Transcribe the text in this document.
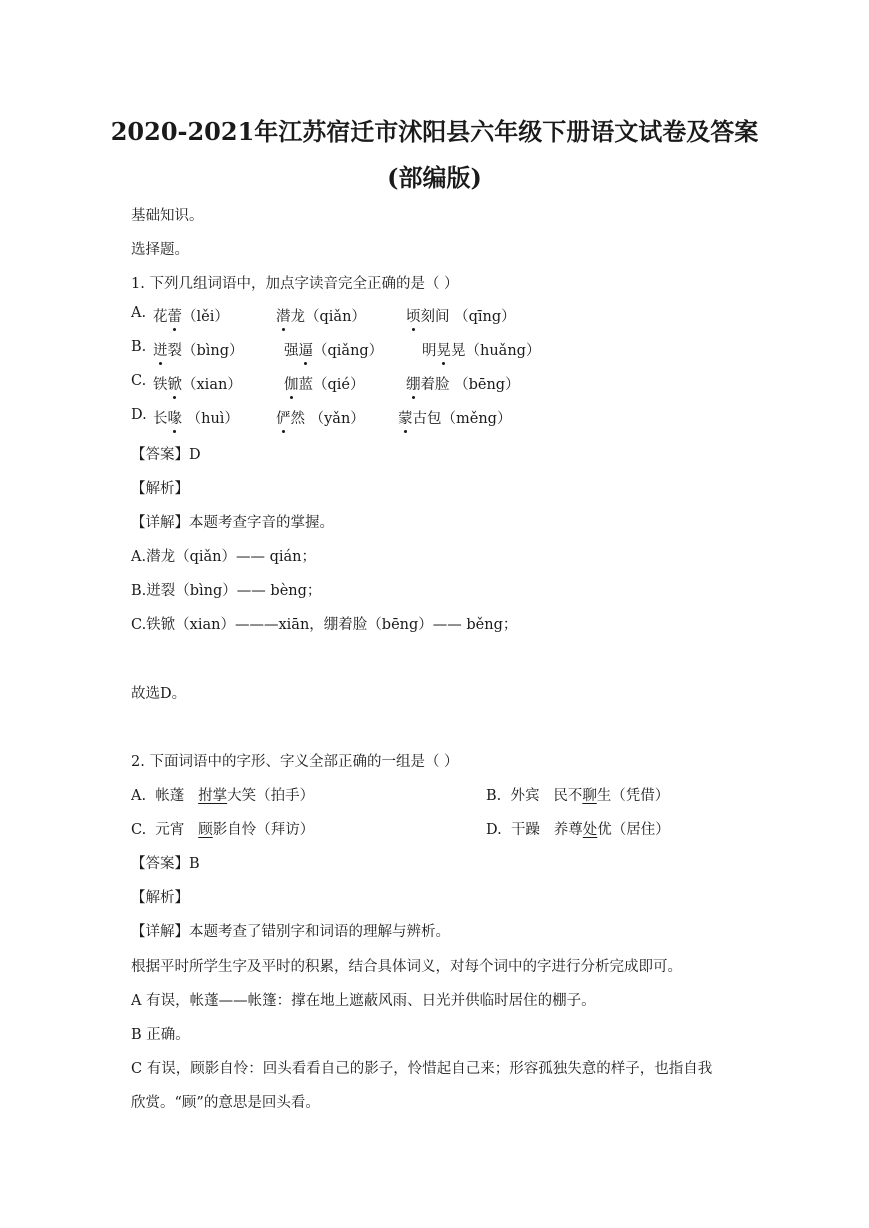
2020-2021年江苏宿迁市沭阳县六年级下册语文试卷及答案
(部编版)
基础知识。
选择题。
1. 下列几组词语中，加点字读音完全正确的是（ ）
A. 花蕾（lěi）	潜龙（qiǎn）	顷刻间 （qīng）
B. 迸裂（bìng）	强逼（qiǎng）	明晃晃（huǎng）
C. 铁锨（xian）	伽蓝（qié）	绷着脸 （bēng）
D. 长喙 （huì）	俨然 （yǎn） 蒙古包（měng）
【答案】D
【解析】
【详解】本题考查字音的掌握。
A.潜龙（qiǎn）—— qián；
B.迸裂（bìng）—— bèng；
C.铁锨（xian）———xiān，绷着脸（bēng）—— běng；
故选D。
2. 下面词语中的字形、字义全部正确的一组是（ ）
A. 帐蓬 拊掌大笑（拍手）	B. 外宾 民不聊生（凭借）
C. 元宵 顾影自怜（拜访）	D. 干躁 养尊处优（居住）
【答案】B
【解析】
【详解】本题考查了错别字和词语的理解与辨析。
根据平时所学生字及平时的积累，结合具体词义，对每个词中的字进行分析完成即可。
A 有误，帐蓬——帐篷：撑在地上遮蔽风雨、日光并供临时居住的棚子。
B 正确。
C 有误，顾影自怜：回头看看自己的影子，怜惜起自己来；形容孤独失意的样子，也指自我
欣赏。“顾”的意思是回头看。
